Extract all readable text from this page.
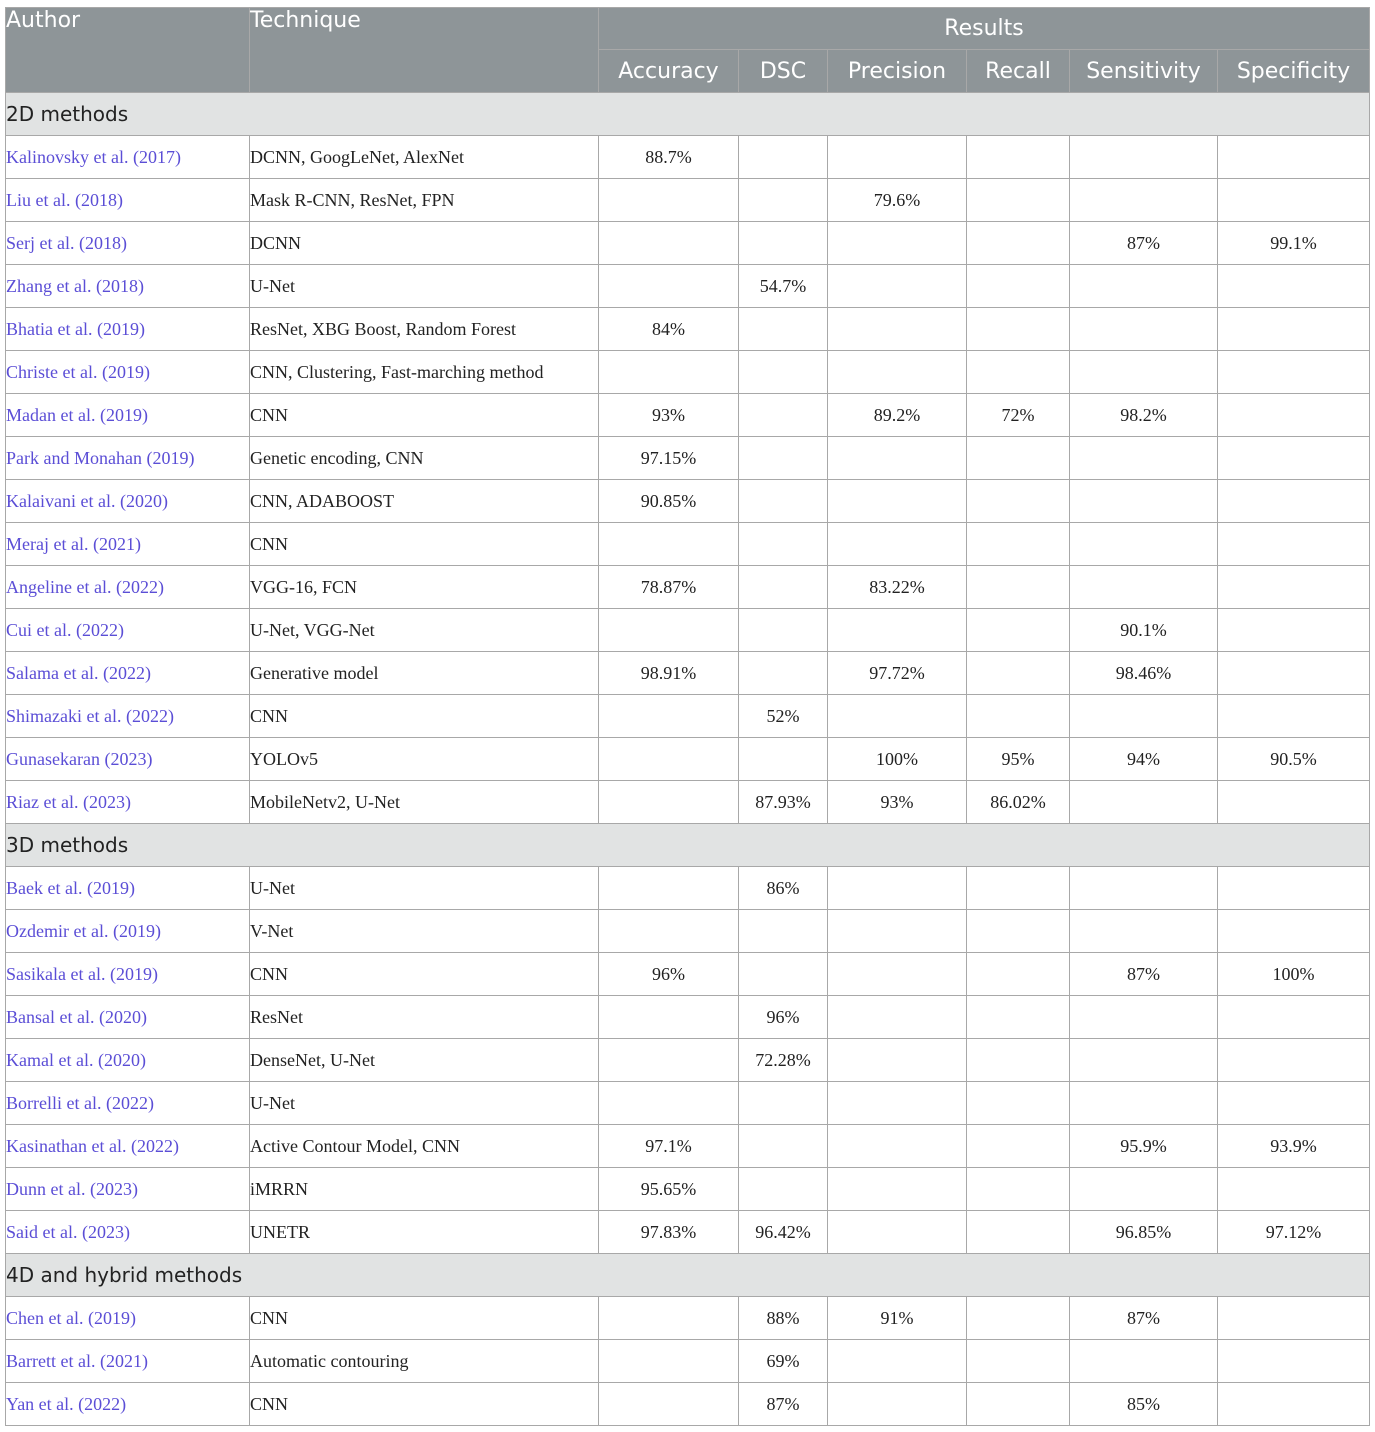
Author	Technique	Results					
		Accuracy	DSC	Precision	Recall	Sensitivity	Specificity
2D methods							
Kalinovsky et al. (2017)	DCNN, GoogLeNet, AlexNet	88.7%					
Liu et al. (2018)	Mask R-CNN, ResNet, FPN			79.6%			
Serj et al. (2018)	DCNN					87%	99.1%
Zhang et al. (2018)	U-Net		54.7%				
Bhatia et al. (2019)	ResNet, XBG Boost, Random Forest	84%					
Christe et al. (2019)	CNN, Clustering, Fast-marching method						
Madan et al. (2019)	CNN	93%		89.2%	72%	98.2%	
Park and Monahan (2019)	Genetic encoding, CNN	97.15%					
Kalaivani et al. (2020)	CNN, ADABOOST	90.85%					
Meraj et al. (2021)	CNN						
Angeline et al. (2022)	VGG-16, FCN	78.87%		83.22%			
Cui et al. (2022)	U-Net, VGG-Net					90.1%	
Salama et al. (2022)	Generative model	98.91%		97.72%		98.46%	
Shimazaki et al. (2022)	CNN		52%				
Gunasekaran (2023)	YOLOv5			100%	95%	94%	90.5%
Riaz et al. (2023)	MobileNetv2, U-Net		87.93%	93%	86.02%		
3D methods							
Baek et al. (2019)	U-Net		86%				
Ozdemir et al. (2019)	V-Net						
Sasikala et al. (2019)	CNN	96%				87%	100%
Bansal et al. (2020)	ResNet		96%				
Kamal et al. (2020)	DenseNet, U-Net		72.28%				
Borrelli et al. (2022)	U-Net						
Kasinathan et al. (2022)	Active Contour Model, CNN	97.1%				95.9%	93.9%
Dunn et al. (2023)	iMRRN	95.65%					
Said et al. (2023)	UNETR	97.83%	96.42%			96.85%	97.12%
4D and hybrid methods							
Chen et al. (2019)	CNN		88%	91%		87%	
Barrett et al. (2021)	Automatic contouring		69%				
Yan et al. (2022)	CNN		87%			85%	
